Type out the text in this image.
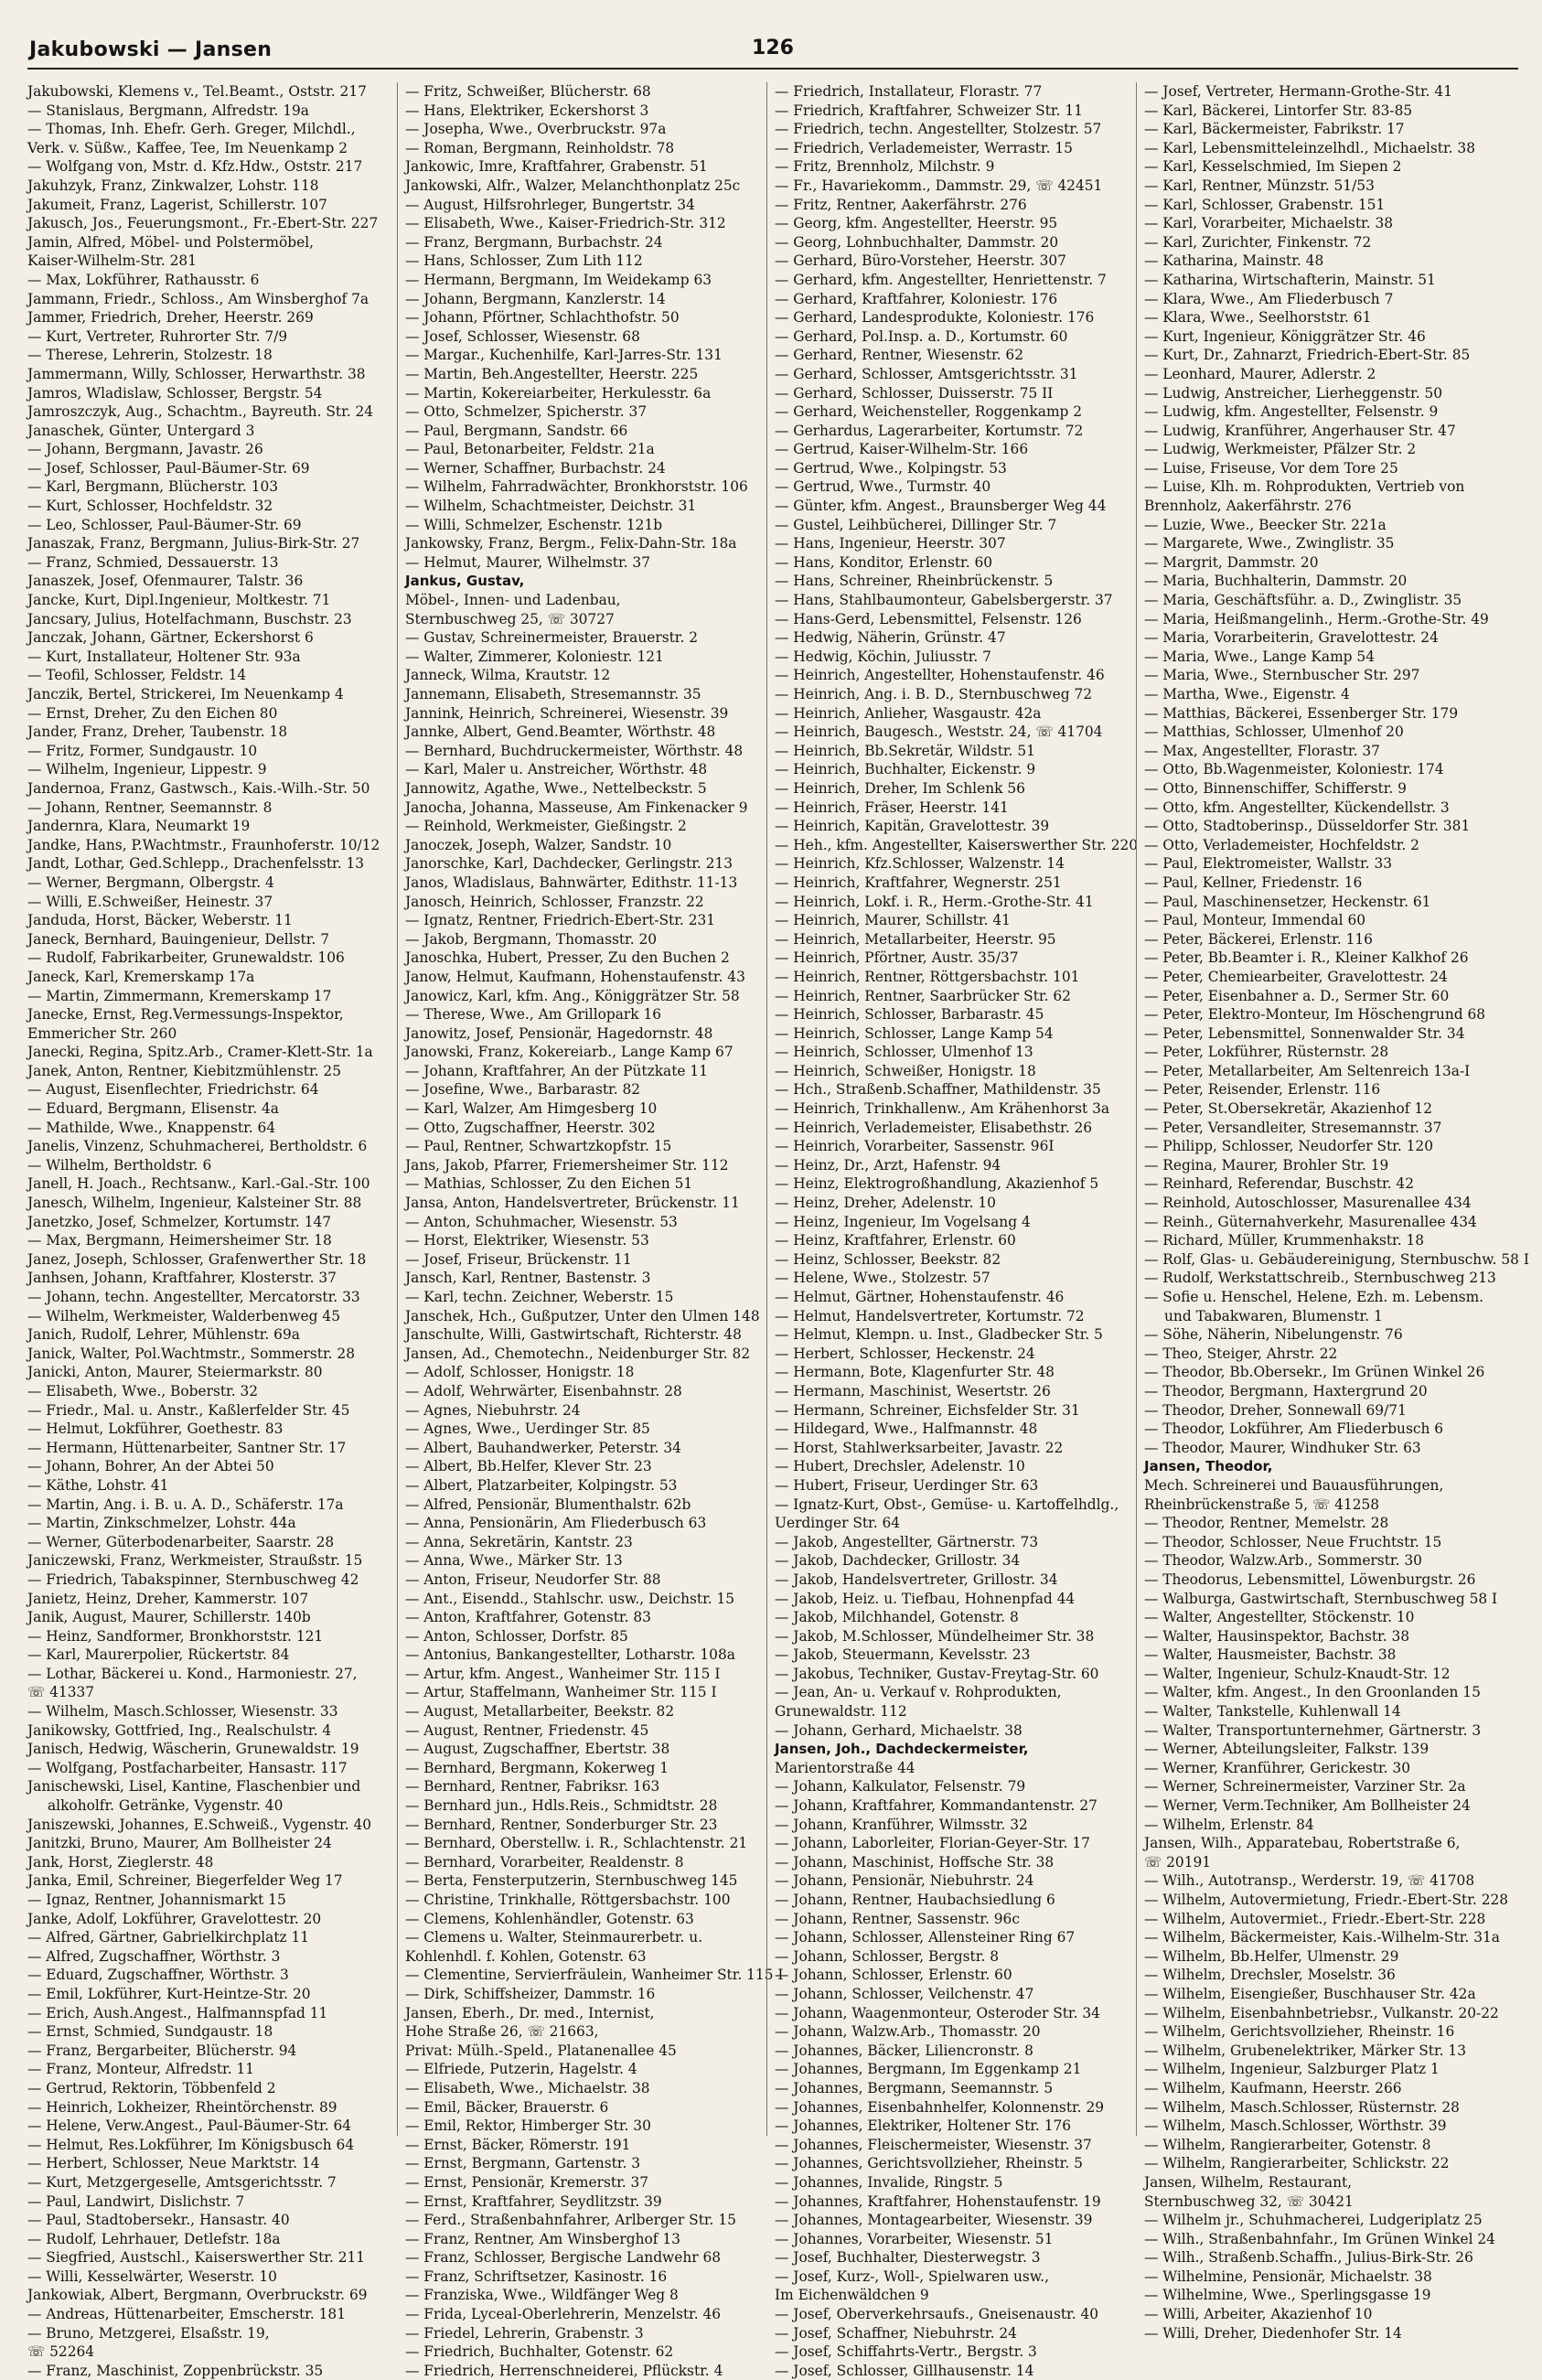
Jakubowski — Jansen	126
Jakubowski, Klemens v., Tel.Beamt., Oststr. 217
— Stanislaus, Bergmann, Alfredstr. 19a
— Thomas, Inh. Ehefr. Gerh. Greger, Milchdl.,
Verk. v. Süßw., Kaffee, Tee, Im Neuenkamp 2
— Wolfgang von, Mstr. d. Kfz.Hdw., Oststr. 217
Jakuhzyk, Franz, Zinkwalzer, Lohstr. 118
Jakumeit, Franz, Lagerist, Schillerstr. 107
Jakusch, Jos., Feuerungsmont., Fr.-Ebert-Str. 227
Jamin, Alfred, Möbel- und Polstermöbel,
Kaiser-Wilhelm-Str. 281
— Max, Lokführer, Rathausstr. 6
Jammann, Friedr., Schloss., Am Winsberghof 7a
Jammer, Friedrich, Dreher, Heerstr. 269
— Kurt, Vertreter, Ruhrorter Str. 7/9
— Therese, Lehrerin, Stolzestr. 18
Jammermann, Willy, Schlosser, Herwarthstr. 38
Jamros, Wladislaw, Schlosser, Bergstr. 54
Jamroszczyk, Aug., Schachtm., Bayreuth. Str. 24
Janaschek, Günter, Untergard 3
— Johann, Bergmann, Javastr. 26
— Josef, Schlosser, Paul-Bäumer-Str. 69
— Karl, Bergmann, Blücherstr. 103
— Kurt, Schlosser, Hochfeldstr. 32
— Leo, Schlosser, Paul-Bäumer-Str. 69
Janaszak, Franz, Bergmann, Julius-Birk-Str. 27
— Franz, Schmied, Dessauerstr. 13
Janaszek, Josef, Ofenmaurer, Talstr. 36
Jancke, Kurt, Dipl.Ingenieur, Moltkestr. 71
Jancsary, Julius, Hotelfachmann, Buschstr. 23
Janczak, Johann, Gärtner, Eckershorst 6
— Kurt, Installateur, Holtener Str. 93a
— Teofil, Schlosser, Feldstr. 14
Janczik, Bertel, Strickerei, Im Neuenkamp 4
— Ernst, Dreher, Zu den Eichen 80
Jander, Franz, Dreher, Taubenstr. 18
— Fritz, Former, Sundgaustr. 10
— Wilhelm, Ingenieur, Lippestr. 9
Jandernoa, Franz, Gastwsch., Kais.-Wilh.-Str. 50
— Johann, Rentner, Seemannstr. 8
Jandernra, Klara, Neumarkt 19
Jandke, Hans, P.Wachtmstr., Fraunhoferstr. 10/12
Jandt, Lothar, Ged.Schlepp., Drachenfelsstr. 13
— Werner, Bergmann, Olbergstr. 4
— Willi, E.Schweißer, Heinestr. 37
Janduda, Horst, Bäcker, Weberstr. 11
Janeck, Bernhard, Bauingenieur, Dellstr. 7
— Rudolf, Fabrikarbeiter, Grunewaldstr. 106
Janeck, Karl, Kremerskamp 17a
— Martin, Zimmermann, Kremerskamp 17
Janecke, Ernst, Reg.Vermessungs-Inspektor,
Emmericher Str. 260
Janecki, Regina, Spitz.Arb., Cramer-Klett-Str. 1a
Janek, Anton, Rentner, Kiebitzmühlenstr. 25
— August, Eisenflechter, Friedrichstr. 64
— Eduard, Bergmann, Elisenstr. 4a
— Mathilde, Wwe., Knappenstr. 64
Janelis, Vinzenz, Schuhmacherei, Bertholdstr. 6
— Wilhelm, Bertholdstr. 6
Janell, H. Joach., Rechtsanw., Karl.-Gal.-Str. 100
Janesch, Wilhelm, Ingenieur, Kalsteiner Str. 88
Janetzko, Josef, Schmelzer, Kortumstr. 147
— Max, Bergmann, Heimersheimer Str. 18
Janez, Joseph, Schlosser, Grafenwerther Str. 18
Janhsen, Johann, Kraftfahrer, Klosterstr. 37
— Johann, techn. Angestellter, Mercatorstr. 33
— Wilhelm, Werkmeister, Walderbenweg 45
Janich, Rudolf, Lehrer, Mühlenstr. 69a
Janick, Walter, Pol.Wachtmstr., Sommerstr. 28
Janicki, Anton, Maurer, Steiermarkstr. 80
— Elisabeth, Wwe., Boberstr. 32
— Friedr., Mal. u. Anstr., Kaßlerfelder Str. 45
— Helmut, Lokführer, Goethestr. 83
— Hermann, Hüttenarbeiter, Santner Str. 17
— Johann, Bohrer, An der Abtei 50
— Käthe, Lohstr. 41
— Martin, Ang. i. B. u. A. D., Schäferstr. 17a
— Martin, Zinkschmelzer, Lohstr. 44a
— Werner, Güterbodenarbeiter, Saarstr. 28
Janiczewski, Franz, Werkmeister, Straußstr. 15
— Friedrich, Tabakspinner, Sternbuschweg 42
Janietz, Heinz, Dreher, Kammerstr. 107
Janik, August, Maurer, Schillerstr. 140b
— Heinz, Sandformer, Bronkhorststr. 121
— Karl, Maurerpolier, Rückertstr. 84
— Lothar, Bäckerei u. Kond., Harmoniestr. 27,
☏ 41337
— Wilhelm, Masch.Schlosser, Wiesenstr. 33
Janikowsky, Gottfried, Ing., Realschulstr. 4
Janisch, Hedwig, Wäscherin, Grunewaldstr. 19
— Wolfgang, Postfacharbeiter, Hansastr. 117
Janischewski, Lisel, Kantine, Flaschenbier und
alkoholfr. Getränke, Vygenstr. 40
Janiszewski, Johannes, E.Schweiß., Vygenstr. 40
Janitzki, Bruno, Maurer, Am Bollheister 24
Jank, Horst, Zieglerstr. 48
Janka, Emil, Schreiner, Biegerfelder Weg 17
— Ignaz, Rentner, Johannismarkt 15
Janke, Adolf, Lokführer, Gravelottestr. 20
— Alfred, Gärtner, Gabrielkirchplatz 11
— Alfred, Zugschaffner, Wörthstr. 3
— Eduard, Zugschaffner, Wörthstr. 3
— Emil, Lokführer, Kurt-Heintze-Str. 20
— Erich, Aush.Angest., Halfmannspfad 11
— Ernst, Schmied, Sundgaustr. 18
— Franz, Bergarbeiter, Blücherstr. 94
— Franz, Monteur, Alfredstr. 11
— Gertrud, Rektorin, Többenfeld 2
— Heinrich, Lokheizer, Rheintörchenstr. 89
— Helene, Verw.Angest., Paul-Bäumer-Str. 64
— Helmut, Res.Lokführer, Im Königsbusch 64
— Herbert, Schlosser, Neue Marktstr. 14
— Kurt, Metzgergeselle, Amtsgerichtsstr. 7
— Paul, Landwirt, Dislichstr. 7
— Paul, Stadtobersekr., Hansastr. 40
— Rudolf, Lehrhauer, Detlefstr. 18a
— Siegfried, Austschl., Kaiserswerther Str. 211
— Willi, Kesselwärter, Weserstr. 10
Jankowiak, Albert, Bergmann, Overbruckstr. 69
— Andreas, Hüttenarbeiter, Emscherstr. 181
— Bruno, Metzgerei, Elsaßstr. 19,
☏ 52264
— Franz, Maschinist, Zoppenbrückstr. 35
— Fritz, Schweißer, Blücherstr. 68
— Hans, Elektriker, Eckershorst 3
— Josepha, Wwe., Overbruckstr. 97a
— Roman, Bergmann, Reinholdstr. 78
Jankowic, Imre, Kraftfahrer, Grabenstr. 51
Jankowski, Alfr., Walzer, Melanchthonplatz 25c
— August, Hilfsrohrleger, Bungertstr. 34
— Elisabeth, Wwe., Kaiser-Friedrich-Str. 312
— Franz, Bergmann, Burbachstr. 24
— Hans, Schlosser, Zum Lith 112
— Hermann, Bergmann, Im Weidekamp 63
— Johann, Bergmann, Kanzlerstr. 14
— Johann, Pförtner, Schlachthofstr. 50
— Josef, Schlosser, Wiesenstr. 68
— Margar., Kuchenhilfe, Karl-Jarres-Str. 131
— Martin, Beh.Angestellter, Heerstr. 225
— Martin, Kokereiarbeiter, Herkulesstr. 6a
— Otto, Schmelzer, Spicherstr. 37
— Paul, Bergmann, Sandstr. 66
— Paul, Betonarbeiter, Feldstr. 21a
— Werner, Schaffner, Burbachstr. 24
— Wilhelm, Fahrradwächter, Bronkhorststr. 106
— Wilhelm, Schachtmeister, Deichstr. 31
— Willi, Schmelzer, Eschenstr. 121b
Jankowsky, Franz, Bergm., Felix-Dahn-Str. 18a
— Helmut, Maurer, Wilhelmstr. 37
Jankus, Gustav,
Möbel-, Innen- und Ladenbau,
Sternbuschweg 25, ☏ 30727
— Gustav, Schreinermeister, Brauerstr. 2
— Walter, Zimmerer, Koloniestr. 121
Janneck, Wilma, Krautstr. 12
Jannemann, Elisabeth, Stresemannstr. 35
Jannink, Heinrich, Schreinerei, Wiesenstr. 39
Jannke, Albert, Gend.Beamter, Wörthstr. 48
— Bernhard, Buchdruckermeister, Wörthstr. 48
— Karl, Maler u. Anstreicher, Wörthstr. 48
Jannowitz, Agathe, Wwe., Nettelbeckstr. 5
Janocha, Johanna, Masseuse, Am Finkenacker 9
— Reinhold, Werkmeister, Gießingstr. 2
Janoczek, Joseph, Walzer, Sandstr. 10
Janorschke, Karl, Dachdecker, Gerlingstr. 213
Janos, Wladislaus, Bahnwärter, Edithstr. 11-13
Janosch, Heinrich, Schlosser, Franzstr. 22
— Ignatz, Rentner, Friedrich-Ebert-Str. 231
— Jakob, Bergmann, Thomasstr. 20
Janoschka, Hubert, Presser, Zu den Buchen 2
Janow, Helmut, Kaufmann, Hohenstaufenstr. 43
Janowicz, Karl, kfm. Ang., Königgrätzer Str. 58
— Therese, Wwe., Am Grillopark 16
Janowitz, Josef, Pensionär, Hagedornstr. 48
Janowski, Franz, Kokereiarb., Lange Kamp 67
— Johann, Kraftfahrer, An der Pützkate 11
— Josefine, Wwe., Barbarastr. 82
— Karl, Walzer, Am Himgesberg 10
— Otto, Zugschaffner, Heerstr. 302
— Paul, Rentner, Schwartzkopfstr. 15
Jans, Jakob, Pfarrer, Friemersheimer Str. 112
— Mathias, Schlosser, Zu den Eichen 51
Jansa, Anton, Handelsvertreter, Brückenstr. 11
— Anton, Schuhmacher, Wiesenstr. 53
— Horst, Elektriker, Wiesenstr. 53
— Josef, Friseur, Brückenstr. 11
Jansch, Karl, Rentner, Bastenstr. 3
— Karl, techn. Zeichner, Weberstr. 15
Janschek, Hch., Gußputzer, Unter den Ulmen 148
Janschulte, Willi, Gastwirtschaft, Richterstr. 48
Jansen, Ad., Chemotechn., Neidenburger Str. 82
— Adolf, Schlosser, Honigstr. 18
— Adolf, Wehrwärter, Eisenbahnstr. 28
— Agnes, Niebuhrstr. 24
— Agnes, Wwe., Uerdinger Str. 85
— Albert, Bauhandwerker, Peterstr. 34
— Albert, Bb.Helfer, Klever Str. 23
— Albert, Platzarbeiter, Kolpingstr. 53
— Alfred, Pensionär, Blumenthalstr. 62b
— Anna, Pensionärin, Am Fliederbusch 63
— Anna, Sekretärin, Kantstr. 23
— Anna, Wwe., Märker Str. 13
— Anton, Friseur, Neudorfer Str. 88
— Ant., Eisendd., Stahlschr. usw., Deichstr. 15
— Anton, Kraftfahrer, Gotenstr. 83
— Anton, Schlosser, Dorfstr. 85
— Antonius, Bankangestellter, Lotharstr. 108a
— Artur, kfm. Angest., Wanheimer Str. 115 I
— Artur, Staffelmann, Wanheimer Str. 115 I
— August, Metallarbeiter, Beekstr. 82
— August, Rentner, Friedenstr. 45
— August, Zugschaffner, Ebertstr. 38
— Bernhard, Bergmann, Kokerweg 1
— Bernhard, Rentner, Fabriksr. 163
— Bernhard jun., Hdls.Reis., Schmidtstr. 28
— Bernhard, Rentner, Sonderburger Str. 23
— Bernhard, Oberstellw. i. R., Schlachtenstr. 21
— Bernhard, Vorarbeiter, Realdenstr. 8
— Berta, Fensterputzerin, Sternbuschweg 145
— Christine, Trinkhalle, Röttgersbachstr. 100
— Clemens, Kohlenhändler, Gotenstr. 63
— Clemens u. Walter, Steinmaurerbetr. u.
Kohlenhdl. f. Kohlen, Gotenstr. 63
— Clementine, Servierfräulein, Wanheimer Str. 115 I
— Dirk, Schiffsheizer, Dammstr. 16
Jansen, Eberh., Dr. med., Internist,
Hohe Straße 26, ☏ 21663,
Privat: Mülh.-Speld., Platanenallee 45
— Elfriede, Putzerin, Hagelstr. 4
— Elisabeth, Wwe., Michaelstr. 38
— Emil, Bäcker, Brauerstr. 6
— Emil, Rektor, Himberger Str. 30
— Ernst, Bäcker, Römerstr. 191
— Ernst, Bergmann, Gartenstr. 3
— Ernst, Pensionär, Kremerstr. 37
— Ernst, Kraftfahrer, Seydlitzstr. 39
— Ferd., Straßenbahnfahrer, Arlberger Str. 15
— Franz, Rentner, Am Winsberghof 13
— Franz, Schlosser, Bergische Landwehr 68
— Franz, Schriftsetzer, Kasinostr. 16
— Franziska, Wwe., Wildfänger Weg 8
— Frida, Lyceal-Oberlehrerin, Menzelstr. 46
— Friedel, Lehrerin, Grabenstr. 3
— Friedrich, Buchhalter, Gotenstr. 62
— Friedrich, Herrenschneiderei, Pflückstr. 4
— Friedrich, Installateur, Florastr. 77
— Friedrich, Kraftfahrer, Schweizer Str. 11
— Friedrich, techn. Angestellter, Stolzestr. 57
— Friedrich, Verlademeister, Werrastr. 15
— Fritz, Brennholz, Milchstr. 9
— Fr., Havariekomm., Dammstr. 29, ☏ 42451
— Fritz, Rentner, Aakerfährstr. 276
— Georg, kfm. Angestellter, Heerstr. 95
— Georg, Lohnbuchhalter, Dammstr. 20
— Gerhard, Büro-Vorsteher, Heerstr. 307
— Gerhard, kfm. Angestellter, Henriettenstr. 7
— Gerhard, Kraftfahrer, Koloniestr. 176
— Gerhard, Landesprodukte, Koloniestr. 176
— Gerhard, Pol.Insp. a. D., Kortumstr. 60
— Gerhard, Rentner, Wiesenstr. 62
— Gerhard, Schlosser, Amtsgerichtsstr. 31
— Gerhard, Schlosser, Duisserstr. 75 II
— Gerhard, Weichensteller, Roggenkamp 2
— Gerhardus, Lagerarbeiter, Kortumstr. 72
— Gertrud, Kaiser-Wilhelm-Str. 166
— Gertrud, Wwe., Kolpingstr. 53
— Gertrud, Wwe., Turmstr. 40
— Günter, kfm. Angest., Braunsberger Weg 44
— Gustel, Leihbücherei, Dillinger Str. 7
— Hans, Ingenieur, Heerstr. 307
— Hans, Konditor, Erlenstr. 60
— Hans, Schreiner, Rheinbrückenstr. 5
— Hans, Stahlbaumonteur, Gabelsbergerstr. 37
— Hans-Gerd, Lebensmittel, Felsenstr. 126
— Hedwig, Näherin, Grünstr. 47
— Hedwig, Köchin, Juliusstr. 7
— Heinrich, Angestellter, Hohenstaufenstr. 46
— Heinrich, Ang. i. B. D., Sternbuschweg 72
— Heinrich, Anlieher, Wasgaustr. 42a
— Heinrich, Baugesch., Weststr. 24, ☏ 41704
— Heinrich, Bb.Sekretär, Wildstr. 51
— Heinrich, Buchhalter, Eickenstr. 9
— Heinrich, Dreher, Im Schlenk 56
— Heinrich, Fräser, Heerstr. 141
— Heinrich, Kapitän, Gravelottestr. 39
— Heh., kfm. Angestellter, Kaiserswerther Str. 220
— Heinrich, Kfz.Schlosser, Walzenstr. 14
— Heinrich, Kraftfahrer, Wegnerstr. 251
— Heinrich, Lokf. i. R., Herm.-Grothe-Str. 41
— Heinrich, Maurer, Schillstr. 41
— Heinrich, Metallarbeiter, Heerstr. 95
— Heinrich, Pförtner, Austr. 35/37
— Heinrich, Rentner, Röttgersbachstr. 101
— Heinrich, Rentner, Saarbrücker Str. 62
— Heinrich, Schlosser, Barbarastr. 45
— Heinrich, Schlosser, Lange Kamp 54
— Heinrich, Schlosser, Ulmenhof 13
— Heinrich, Schweißer, Honigstr. 18
— Hch., Straßenb.Schaffner, Mathildenstr. 35
— Heinrich, Trinkhallenw., Am Krähenhorst 3a
— Heinrich, Verlademeister, Elisabethstr. 26
— Heinrich, Vorarbeiter, Sassenstr. 96I
— Heinz, Dr., Arzt, Hafenstr. 94
— Heinz, Elektrogroßhandlung, Akazienhof 5
— Heinz, Dreher, Adelenstr. 10
— Heinz, Ingenieur, Im Vogelsang 4
— Heinz, Kraftfahrer, Erlenstr. 60
— Heinz, Schlosser, Beekstr. 82
— Helene, Wwe., Stolzestr. 57
— Helmut, Gärtner, Hohenstaufenstr. 46
— Helmut, Handelsvertreter, Kortumstr. 72
— Helmut, Klempn. u. Inst., Gladbecker Str. 5
— Herbert, Schlosser, Heckenstr. 24
— Hermann, Bote, Klagenfurter Str. 48
— Hermann, Maschinist, Wesertstr. 26
— Hermann, Schreiner, Eichsfelder Str. 31
— Hildegard, Wwe., Halfmannstr. 48
— Horst, Stahlwerksarbeiter, Javastr. 22
— Hubert, Drechsler, Adelenstr. 10
— Hubert, Friseur, Uerdinger Str. 63
— Ignatz-Kurt, Obst-, Gemüse- u. Kartoffelhdlg.,
Uerdinger Str. 64
— Jakob, Angestellter, Gärtnerstr. 73
— Jakob, Dachdecker, Grillostr. 34
— Jakob, Handelsvertreter, Grillostr. 34
— Jakob, Heiz. u. Tiefbau, Hohnenpfad 44
— Jakob, Milchhandel, Gotenstr. 8
— Jakob, M.Schlosser, Mündelheimer Str. 38
— Jakob, Steuermann, Kevelsstr. 23
— Jakobus, Techniker, Gustav-Freytag-Str. 60
— Jean, An- u. Verkauf v. Rohprodukten,
Grunewaldstr. 112
— Johann, Gerhard, Michaelstr. 38
Jansen, Joh., Dachdeckermeister,
Marientorstraße 44
— Johann, Kalkulator, Felsenstr. 79
— Johann, Kraftfahrer, Kommandantenstr. 27
— Johann, Kranführer, Wilmsstr. 32
— Johann, Laborleiter, Florian-Geyer-Str. 17
— Johann, Maschinist, Hoffsche Str. 38
— Johann, Pensionär, Niebuhrstr. 24
— Johann, Rentner, Haubachsiedlung 6
— Johann, Rentner, Sassenstr. 96c
— Johann, Schlosser, Allensteiner Ring 67
— Johann, Schlosser, Bergstr. 8
— Johann, Schlosser, Erlenstr. 60
— Johann, Schlosser, Veilchenstr. 47
— Johann, Waagenmonteur, Osteroder Str. 34
— Johann, Walzw.Arb., Thomasstr. 20
— Johannes, Bäcker, Liliencronstr. 8
— Johannes, Bergmann, Im Eggenkamp 21
— Johannes, Bergmann, Seemannstr. 5
— Johannes, Eisenbahnhelfer, Kolonnenstr. 29
— Johannes, Elektriker, Holtener Str. 176
— Johannes, Fleischermeister, Wiesenstr. 37
— Johannes, Gerichtsvollzieher, Rheinstr. 5
— Johannes, Invalide, Ringstr. 5
— Johannes, Kraftfahrer, Hohenstaufenstr. 19
— Johannes, Montagearbeiter, Wiesenstr. 39
— Johannes, Vorarbeiter, Wiesenstr. 51
— Josef, Buchhalter, Diesterwegstr. 3
— Josef, Kurz-, Woll-, Spielwaren usw.,
Im Eichenwäldchen 9
— Josef, Oberverkehrsaufs., Gneisenaustr. 40
— Josef, Schaffner, Niebuhrstr. 24
— Josef, Schiffahrts-Vertr., Bergstr. 3
— Josef, Schlosser, Gillhausenstr. 14
— Josef, Vertreter, Hermann-Grothe-Str. 41
— Karl, Bäckerei, Lintorfer Str. 83-85
— Karl, Bäckermeister, Fabrikstr. 17
— Karl, Lebensmitteleinzelhdl., Michaelstr. 38
— Karl, Kesselschmied, Im Siepen 2
— Karl, Rentner, Münzstr. 51/53
— Karl, Schlosser, Grabenstr. 151
— Karl, Vorarbeiter, Michaelstr. 38
— Karl, Zurichter, Finkenstr. 72
— Katharina, Mainstr. 48
— Katharina, Wirtschafterin, Mainstr. 51
— Klara, Wwe., Am Fliederbusch 7
— Klara, Wwe., Seelhorststr. 61
— Kurt, Ingenieur, Königgrätzer Str. 46
— Kurt, Dr., Zahnarzt, Friedrich-Ebert-Str. 85
— Leonhard, Maurer, Adlerstr. 2
— Ludwig, Anstreicher, Lierheggenstr. 50
— Ludwig, kfm. Angestellter, Felsenstr. 9
— Ludwig, Kranführer, Angerhauser Str. 47
— Ludwig, Werkmeister, Pfälzer Str. 2
— Luise, Friseuse, Vor dem Tore 25
— Luise, Klh. m. Rohprodukten, Vertrieb von
Brennholz, Aakerfährstr. 276
— Luzie, Wwe., Beecker Str. 221a
— Margarete, Wwe., Zwinglistr. 35
— Margrit, Dammstr. 20
— Maria, Buchhalterin, Dammstr. 20
— Maria, Geschäftsführ. a. D., Zwinglistr. 35
— Maria, Heißmangelinh., Herm.-Grothe-Str. 49
— Maria, Vorarbeiterin, Gravelottestr. 24
— Maria, Wwe., Lange Kamp 54
— Maria, Wwe., Sternbuscher Str. 297
— Martha, Wwe., Eigenstr. 4
— Matthias, Bäckerei, Essenberger Str. 179
— Matthias, Schlosser, Ulmenhof 20
— Max, Angestellter, Florastr. 37
— Otto, Bb.Wagenmeister, Koloniestr. 174
— Otto, Binnenschiffer, Schifferstr. 9
— Otto, kfm. Angestellter, Kückendellstr. 3
— Otto, Stadtoberinsp., Düsseldorfer Str. 381
— Otto, Verlademeister, Hochfeldstr. 2
— Paul, Elektromeister, Wallstr. 33
— Paul, Kellner, Friedenstr. 16
— Paul, Maschinensetzer, Heckenstr. 61
— Paul, Monteur, Immendal 60
— Peter, Bäckerei, Erlenstr. 116
— Peter, Bb.Beamter i. R., Kleiner Kalkhof 26
— Peter, Chemiearbeiter, Gravelottestr. 24
— Peter, Eisenbahner a. D., Sermer Str. 60
— Peter, Elektro-Monteur, Im Höschengrund 68
— Peter, Lebensmittel, Sonnenwalder Str. 34
— Peter, Lokführer, Rüsternstr. 28
— Peter, Metallarbeiter, Am Seltenreich 13a-I
— Peter, Reisender, Erlenstr. 116
— Peter, St.Obersekretär, Akazienhof 12
— Peter, Versandleiter, Stresemannstr. 37
— Philipp, Schlosser, Neudorfer Str. 120
— Regina, Maurer, Brohler Str. 19
— Reinhard, Referendar, Buschstr. 42
— Reinhold, Autoschlosser, Masurenallee 434
— Reinh., Güternahverkehr, Masurenallee 434
— Richard, Müller, Krummenhakstr. 18
— Rolf, Glas- u. Gebäudereinigung, Sternbuschw. 58 I
— Rudolf, Werkstattschreib., Sternbuschweg 213
— Sofie u. Henschel, Helene, Ezh. m. Lebensm.
und Tabakwaren, Blumenstr. 1
— Söhe, Näherin, Nibelungenstr. 76
— Theo, Steiger, Ahrstr. 22
— Theodor, Bb.Obersekr., Im Grünen Winkel 26
— Theodor, Bergmann, Haxtergrund 20
— Theodor, Dreher, Sonnewall 69/71
— Theodor, Lokführer, Am Fliederbusch 6
— Theodor, Maurer, Windhuker Str. 63
Jansen, Theodor,
Mech. Schreinerei und Bauausführungen,
Rheinbrückenstraße 5, ☏ 41258
— Theodor, Rentner, Memelstr. 28
— Theodor, Schlosser, Neue Fruchtstr. 15
— Theodor, Walzw.Arb., Sommerstr. 30
— Theodorus, Lebensmittel, Löwenburgstr. 26
— Walburga, Gastwirtschaft, Sternbuschweg 58 I
— Walter, Angestellter, Stöckenstr. 10
— Walter, Hausinspektor, Bachstr. 38
— Walter, Hausmeister, Bachstr. 38
— Walter, Ingenieur, Schulz-Knaudt-Str. 12
— Walter, kfm. Angest., In den Groonlanden 15
— Walter, Tankstelle, Kuhlenwall 14
— Walter, Transportunternehmer, Gärtnerstr. 3
— Werner, Abteilungsleiter, Falkstr. 139
— Werner, Kranführer, Gerickestr. 30
— Werner, Schreinermeister, Varziner Str. 2a
— Werner, Verm.Techniker, Am Bollheister 24
— Wilhelm, Erlenstr. 84
Jansen, Wilh., Apparatebau, Robertstraße 6,
☏ 20191
— Wilh., Autotransp., Werderstr. 19, ☏ 41708
— Wilhelm, Autovermietung, Friedr.-Ebert-Str. 228
— Wilhelm, Autovermiet., Friedr.-Ebert-Str. 228
— Wilhelm, Bäckermeister, Kais.-Wilhelm-Str. 31a
— Wilhelm, Bb.Helfer, Ulmenstr. 29
— Wilhelm, Drechsler, Moselstr. 36
— Wilhelm, Eisengießer, Buschhauser Str. 42a
— Wilhelm, Eisenbahnbetriebsr., Vulkanstr. 20-22
— Wilhelm, Gerichtsvollzieher, Rheinstr. 16
— Wilhelm, Grubenelektriker, Märker Str. 13
— Wilhelm, Ingenieur, Salzburger Platz 1
— Wilhelm, Kaufmann, Heerstr. 266
— Wilhelm, Masch.Schlosser, Rüsternstr. 28
— Wilhelm, Masch.Schlosser, Wörthstr. 39
— Wilhelm, Rangierarbeiter, Gotenstr. 8
— Wilhelm, Rangierarbeiter, Schlickstr. 22
Jansen, Wilhelm, Restaurant,
Sternbuschweg 32, ☏ 30421
— Wilhelm jr., Schuhmacherei, Ludgeriplatz 25
— Wilh., Straßenbahnfahr., Im Grünen Winkel 24
— Wilh., Straßenb.Schaffn., Julius-Birk-Str. 26
— Wilhelmine, Pensionär, Michaelstr. 38
— Wilhelmine, Wwe., Sperlingsgasse 19
— Willi, Arbeiter, Akazienhof 10
— Willi, Dreher, Diedenhofer Str. 14
